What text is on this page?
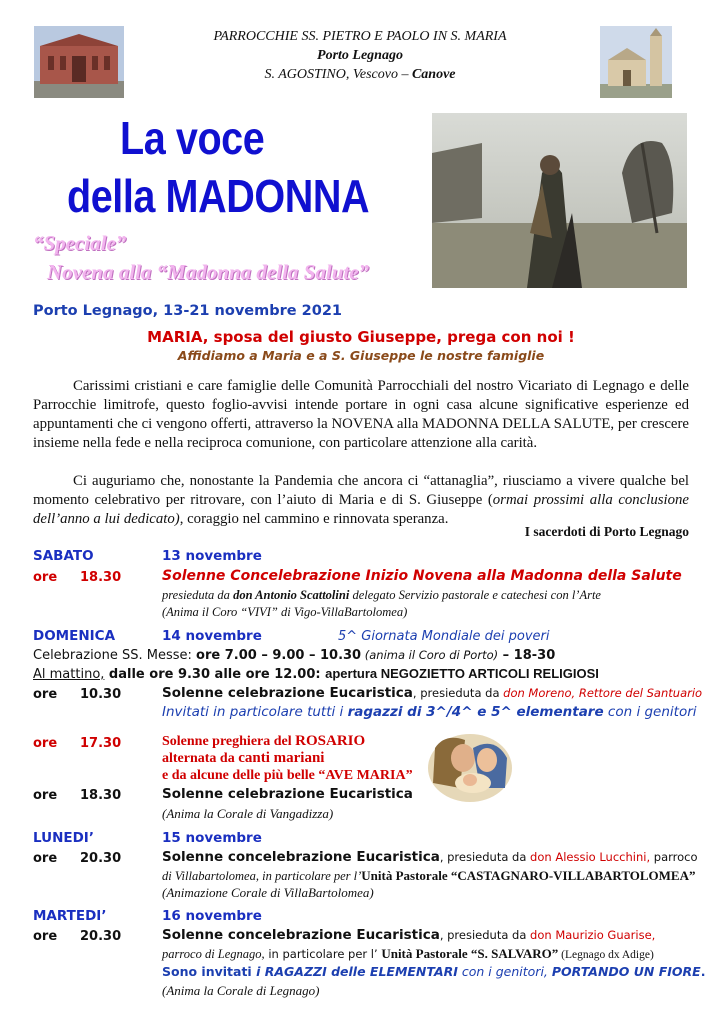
PARROCCHIE SS. PIETRO E PAOLO IN S. MARIA
Porto Legnago
S. AGOSTINO, Vescovo – Canove
La voce
della MADONNA
“Speciale”
Novena alla “Madonna della Salute”
Porto Legnago, 13-21 novembre 2021
MARIA, sposa del giusto Giuseppe, prega con noi !
Affidiamo a Maria e a S. Giuseppe le nostre famiglie
Carissimi cristiani e care famiglie delle Comunità Parrocchiali del nostro Vicariato di Legnago e delle Parrocchie limitrofe, questo foglio-avvisi intende portare in ogni casa alcune significative esperienze ed appuntamenti che ci vengono offerti, attraverso la NOVENA alla MADONNA DELLA SALUTE, per crescere insieme nella fede e nella reciproca comunione, con particolare attenzione alla carità.
Ci auguriamo che, nonostante la Pandemia che ancora ci “attanaglia”, riusciamo a vivere qualche bel momento celebrativo per ritrovare, con l’aiuto di Maria e di S. Giuseppe (ormai prossimi alla conclusione dell’anno a lui dedicato), coraggio nel cammino e rinnovata speranza.
I sacerdoti di Porto Legnago
SABATO	13 novembre
ore 18.30	Solenne Concelebrazione Inizio Novena alla Madonna della Salute
presieduta da don Antonio Scattolini delegato Servizio pastorale e catechesi con l’Arte
(Anima il Coro “VIVI” di Vigo-VillaBartolomea)
DOMENICA	14 novembre	5^ Giornata Mondiale dei poveri
Celebrazione SS. Messe: ore 7.00 – 9.00 – 10.30 (anima il Coro di Porto) – 18-30
Al mattino, dalle ore 9.30 alle ore 12.00: apertura NEGOZIETTO ARTICOLI RELIGIOSI
ore 10.30	Solenne celebrazione Eucaristica, presieduta da don Moreno, Rettore del Santuario
Invitati in particolare tutti i ragazzi di 3^/4^ e 5^ elementare con i genitori
ore 17.30	Solenne preghiera del ROSARIO
alternata da canti mariani
e da alcune delle più belle “AVE MARIA”
ore 18.30	Solenne celebrazione Eucaristica
(Anima la Corale di Vangadizza)
LUNEDI’	15 novembre
ore 20.30	Solenne concelebrazione Eucaristica, presieduta da don Alessio Lucchini, parroco
di Villabartolomea, in particolare per l’Unità Pastorale “CASTAGNARO-VILLABARTOLOMEA”
(Animazione Corale di VillaBartolomea)
MARTEDI’	16 novembre
ore 20.30	Solenne concelebrazione Eucaristica, presieduta da don Maurizio Guarise,
parroco di Legnago, in particolare per l’ Unità Pastorale “S. SALVARO” (Legnago dx Adige)
Sono invitati i RAGAZZI delle ELEMENTARI con i genitori, PORTANDO UN FIORE.
(Anima la Corale di Legnago)
